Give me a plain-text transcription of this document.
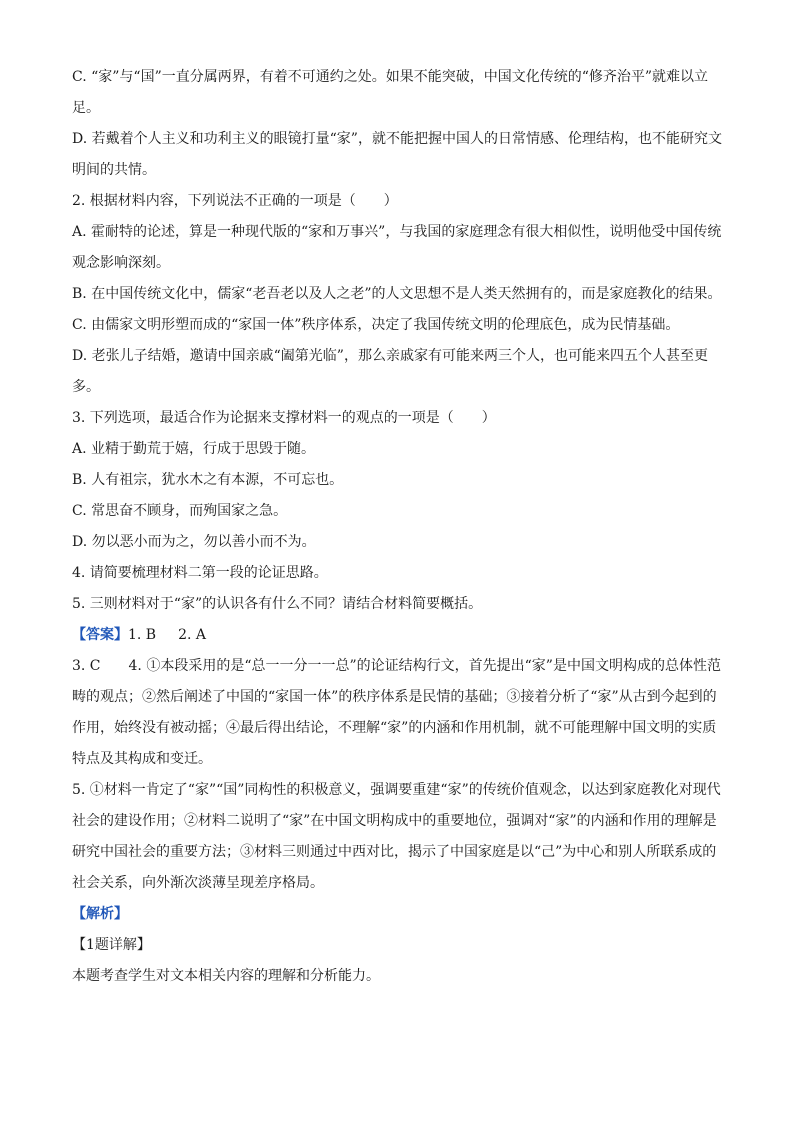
C. “家”与“国”一直分属两界，有着不可通约之处。如果不能突破，中国文化传统的“修齐治平”就难以立足。

D. 若戴着个人主义和功利主义的眼镜打量“家”，就不能把握中国人的日常情感、伦理结构，也不能研究文明间的共情。

2. 根据材料内容，下列说法不正确的一项是（　　）

A. 霍耐特的论述，算是一种现代版的“家和万事兴”，与我国的家庭理念有很大相似性，说明他受中国传统观念影响深刻。

B. 在中国传统文化中，儒家“老吾老以及人之老”的人文思想不是人类天然拥有的，而是家庭教化的结果。

C. 由儒家文明形塑而成的“家国一体”秩序体系，决定了我国传统文明的伦理底色，成为民情基础。

D. 老张儿子结婚，邀请中国亲戚“阖第光临”，那么亲戚家有可能来两三个人，也可能来四五个人甚至更多。

3. 下列选项，最适合作为论据来支撑材料一的观点的一项是（　　）

A. 业精于勤荒于嬉，行成于思毁于随。

B. 人有祖宗，犹水木之有本源，不可忘也。

C. 常思奋不顾身，而殉国家之急。

D. 勿以恶小而为之，勿以善小而不为。

4. 请简要梳理材料二第一段的论证思路。

5. 三则材料对于“家”的认识各有什么不同？请结合材料简要概括。

【答案】1. B 2. A

3. C　　4. ①本段采用的是“总一一分一一总”的论证结构行文，首先提出“家”是中国文明构成的总体性范畴的观点；②然后阐述了中国的“家国一体”的秩序体系是民情的基础；③接着分析了“家”从古到今起到的作用，始终没有被动摇；④最后得出结论，不理解“家”的内涵和作用机制，就不可能理解中国文明的实质特点及其构成和变迁。

5. ①材料一肯定了“家”“国”同构性的积极意义，强调要重建“家”的传统价值观念，以达到家庭教化对现代社会的建设作用；②材料二说明了“家”在中国文明构成中的重要地位，强调对“家”的内涵和作用的理解是研究中国社会的重要方法；③材料三则通过中西对比，揭示了中国家庭是以“己”为中心和别人所联系成的社会关系，向外渐次淡薄呈现差序格局。

【解析】

【1题详解】

本题考查学生对文本相关内容的理解和分析能力。
